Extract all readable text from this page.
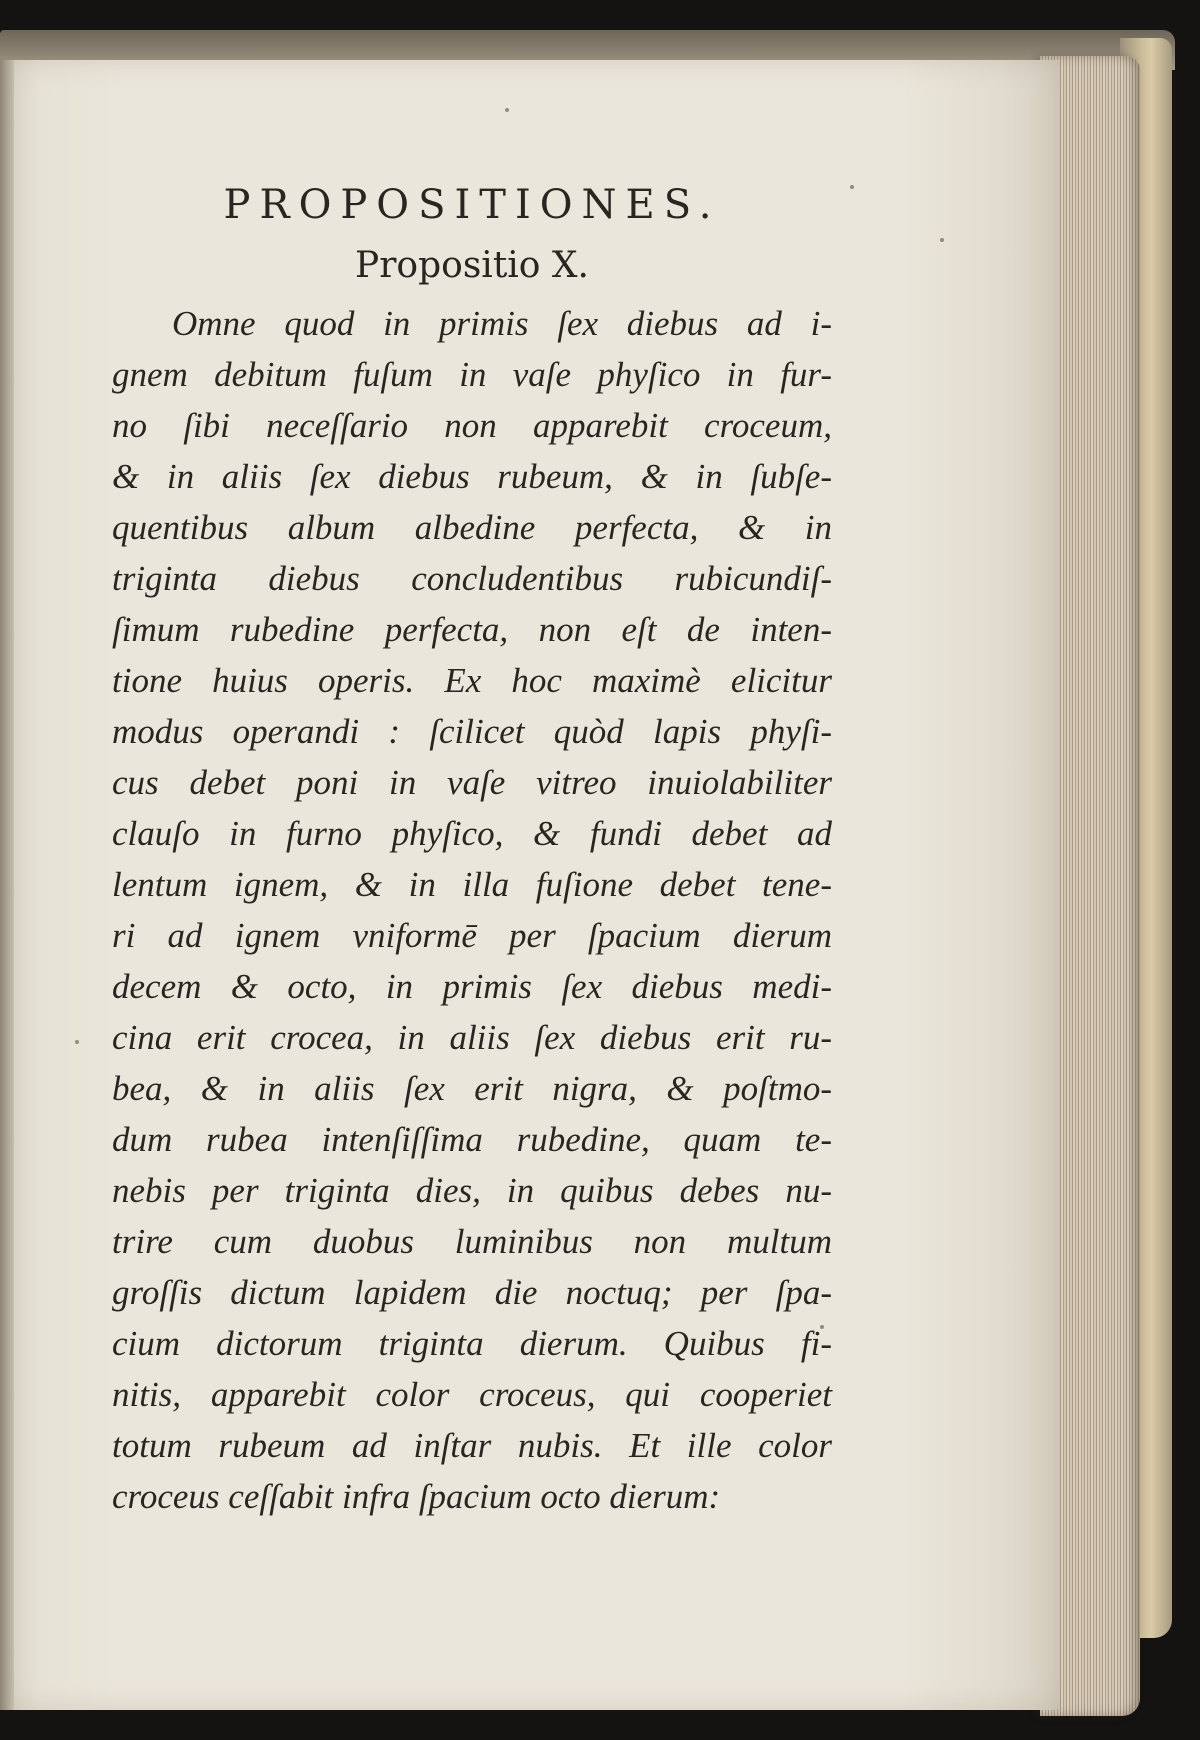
PROPOSITIONES.
Propositio X.
Omne quod in primis ſex diebus ad i-
gnem debitum fuſum in vaſe phyſico in fur-
no ſibi neceſſario non apparebit croceum,
& in aliis ſex diebus rubeum, & in ſubſe-
quentibus album albedine perfecta, & in
triginta diebus concludentibus rubicundiſ-
ſimum rubedine perfecta, non eſt de inten-
tione huius operis. Ex hoc maximè elicitur
modus operandi : ſcilicet quòd lapis phyſi-
cus debet poni in vaſe vitreo inuiolabiliter
clauſo in furno phyſico, & fundi debet ad
lentum ignem, & in illa fuſione debet tene-
ri ad ignem vniformē per ſpacium dierum
decem & octo, in primis ſex diebus medi-
cina erit crocea, in aliis ſex diebus erit ru-
bea, & in aliis ſex erit nigra, & poſtmo-
dum rubea intenſiſſima rubedine, quam te-
nebis per triginta dies, in quibus debes nu-
trire cum duobus luminibus non multum
groſſis dictum lapidem die noctuq; per ſpa-
cium dictorum triginta dierum. Quibus fi-
nitis, apparebit color croceus, qui cooperiet
totum rubeum ad inſtar nubis. Et ille color
croceus ceſſabit infra ſpacium octo dierum:
